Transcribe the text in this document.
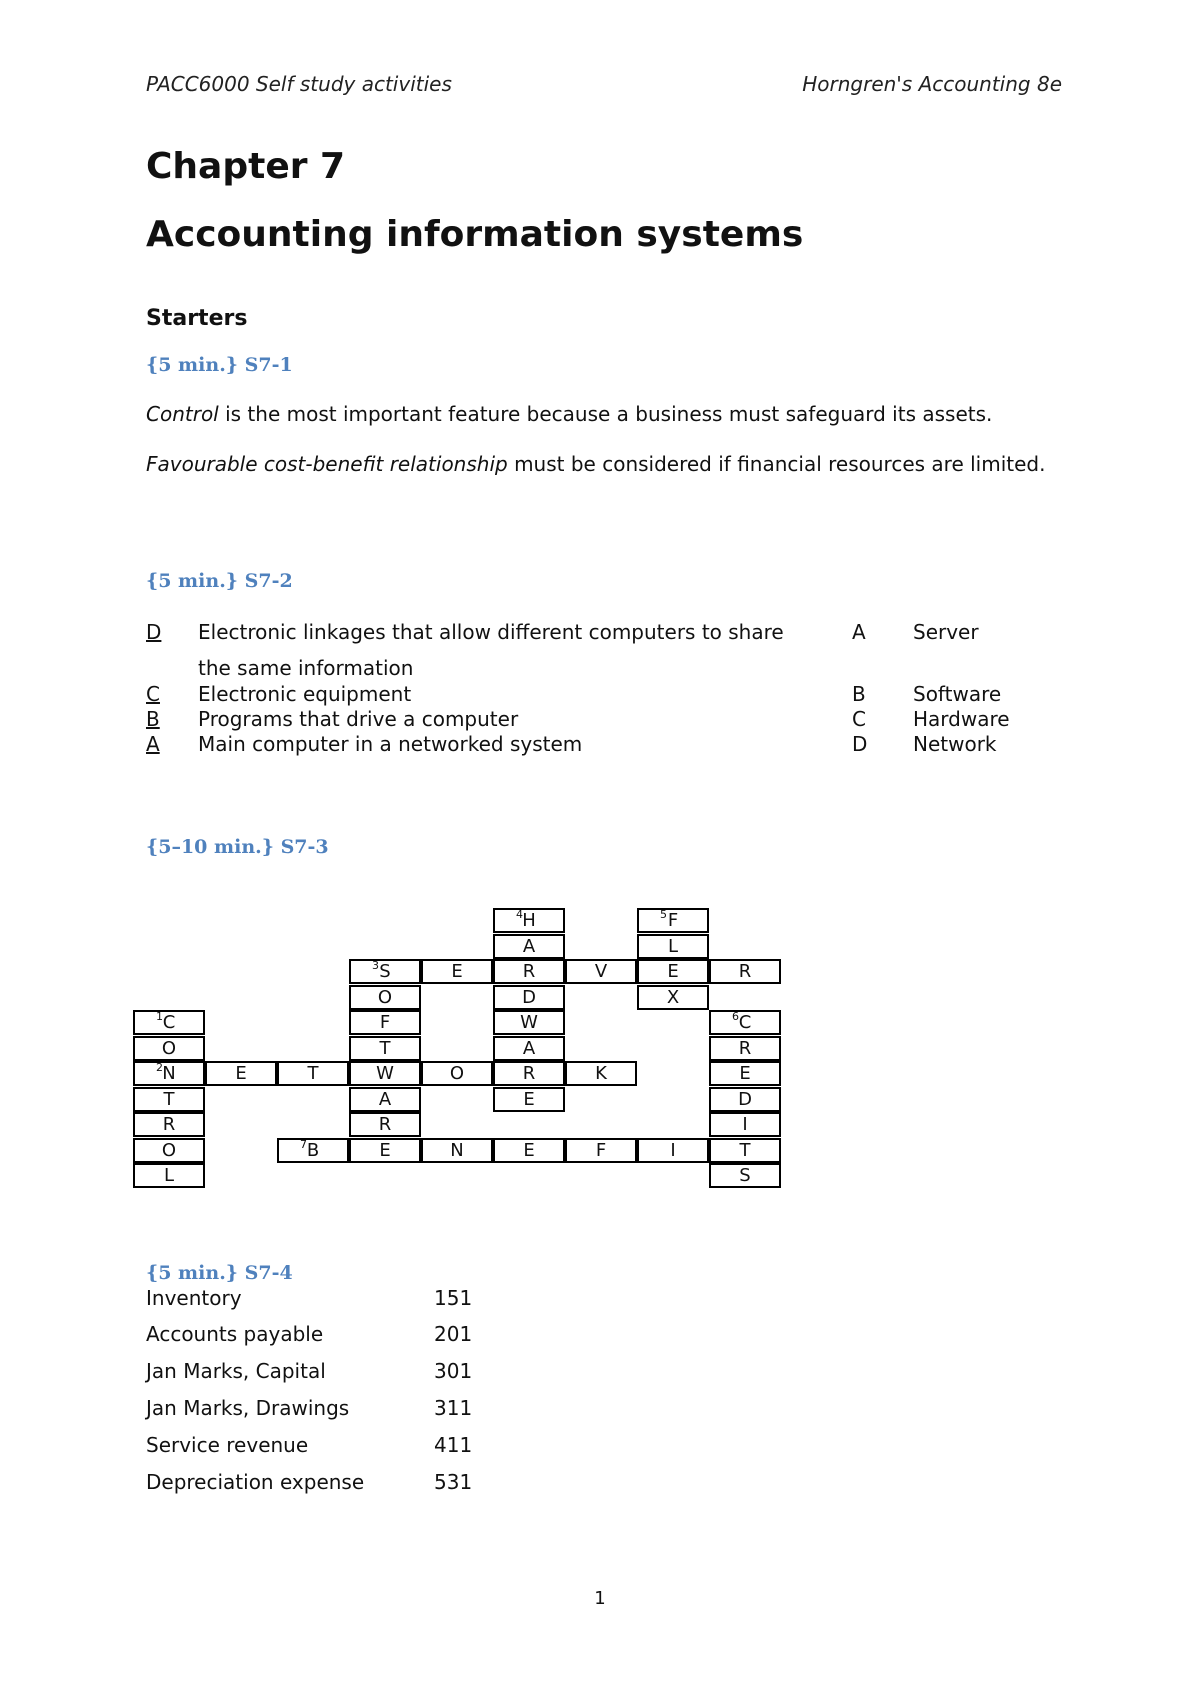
PACC6000 Self study activities	Horngren's Accounting 8e
Chapter 7
Accounting information systems
Starters
{5 min.} S7-1
Control is the most important feature because a business must safeguard its assets.
Favourable cost-benefit relationship must be considered if financial resources are limited.
{5 min.} S7-2
D Electronic linkages that allow different computers to share	A Server
the same information
C Electronic equipment	B Software
B Programs that drive a computer	C Hardware
A Main computer in a networked system	D Network
{5–10 min.} S7-3
4 H	5 F
A	L
3 S	E	R	V	E	R
O	D	X
1 C	F	W	6 C
O	T	A	R
2 N	E	T	W	O	R	K	E
T	A	E	D
R	R	I
O	7 B	E	N	E	F	I	T
L	S
{5 min.} S7-4
Inventory	151
Accounts payable	201
Jan Marks, Capital	301
Jan Marks, Drawings	311
Service revenue	411
Depreciation expense	531
1
